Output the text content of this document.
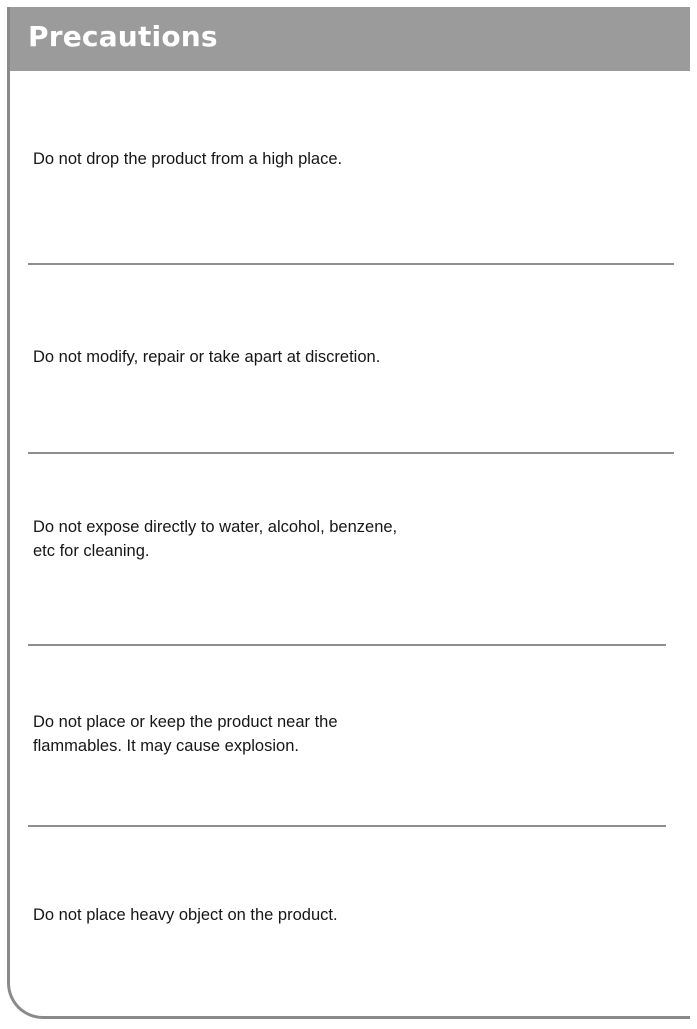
Precautions

Do not drop the product from a high place.

Do not modify, repair or take apart at discretion.

Do not expose directly to water, alcohol, benzene,
etc for cleaning.

Do not place or keep the product near the
flammables. It may cause explosion.

Do not place heavy object on the product.
